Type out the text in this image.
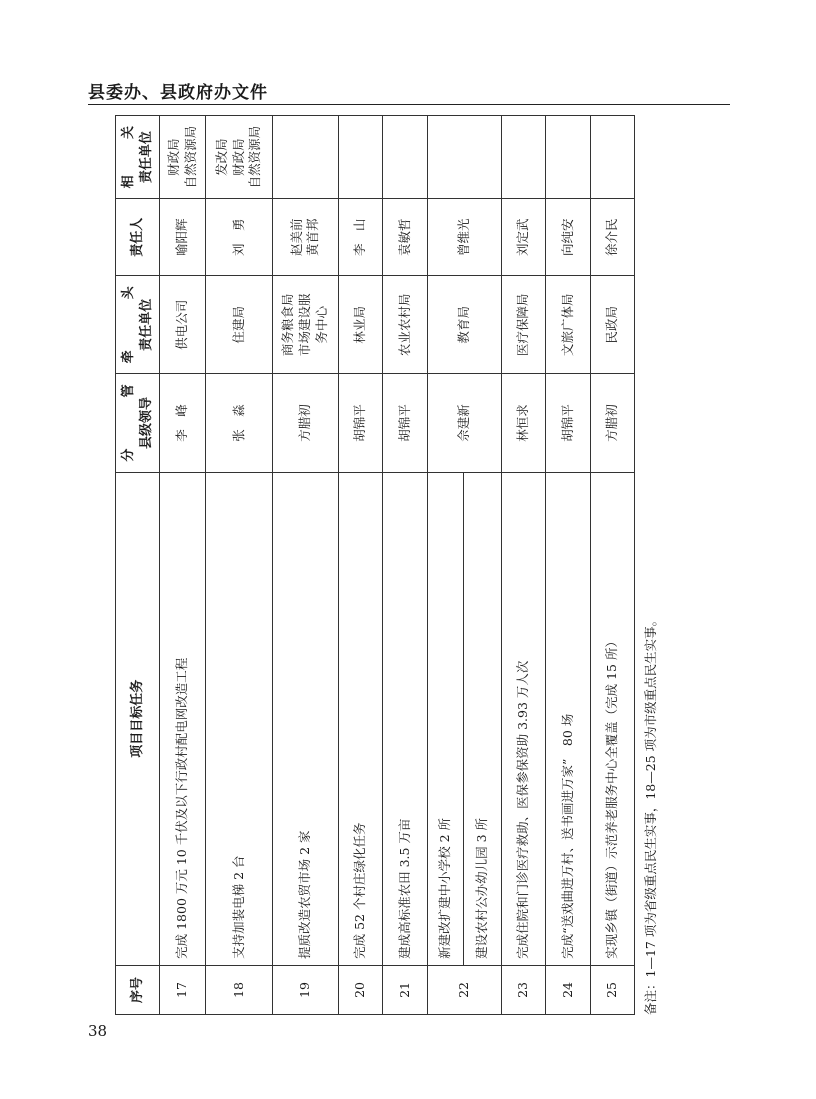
县委办、县政府办文件
序号	项目目标任务	分　管 县级领导	牵　头 责任单位	责任人	相　关 责任单位

17	完成 1800 万元 10 千伏及以下行政村配电网改造工程	李　峰	供电公司	喻阳辉	财政局 自然资源局

18	支持加装电梯 2 台	张　淼	住建局	刘　勇	发改局 财政局 自然资源局

19	提质改造农贸市场 2 家	方腊初	商务粮食局 市场建设服 务中心	赵美前 黄首邦	

20	完成 52 个村庄绿化任务	胡锦平	林业局	李　山	
21	建成高标准农田 3.5 万亩	胡锦平	农业农村局	袁敏哲	
22	新建改扩建中小学校 2 所	佘建新	教育局	曾维光	
	建设农村公办幼儿园 3 所				
23	完成住院和门诊医疗救助、医保参保资助 3.93 万人次	林恒求	医疗保障局	刘定武	
24	完成“送戏曲进万村、送书画进万家”　80 场	胡锦平	文旅广体局	向纯安	
25	实现乡镇（街道）示范养老服务中心全覆盖（完成 15 所）	方腊初	民政局	徐介民	
备注：1—17 项为省级重点民生实事，18—25 项为市级重点民生实事。
38
